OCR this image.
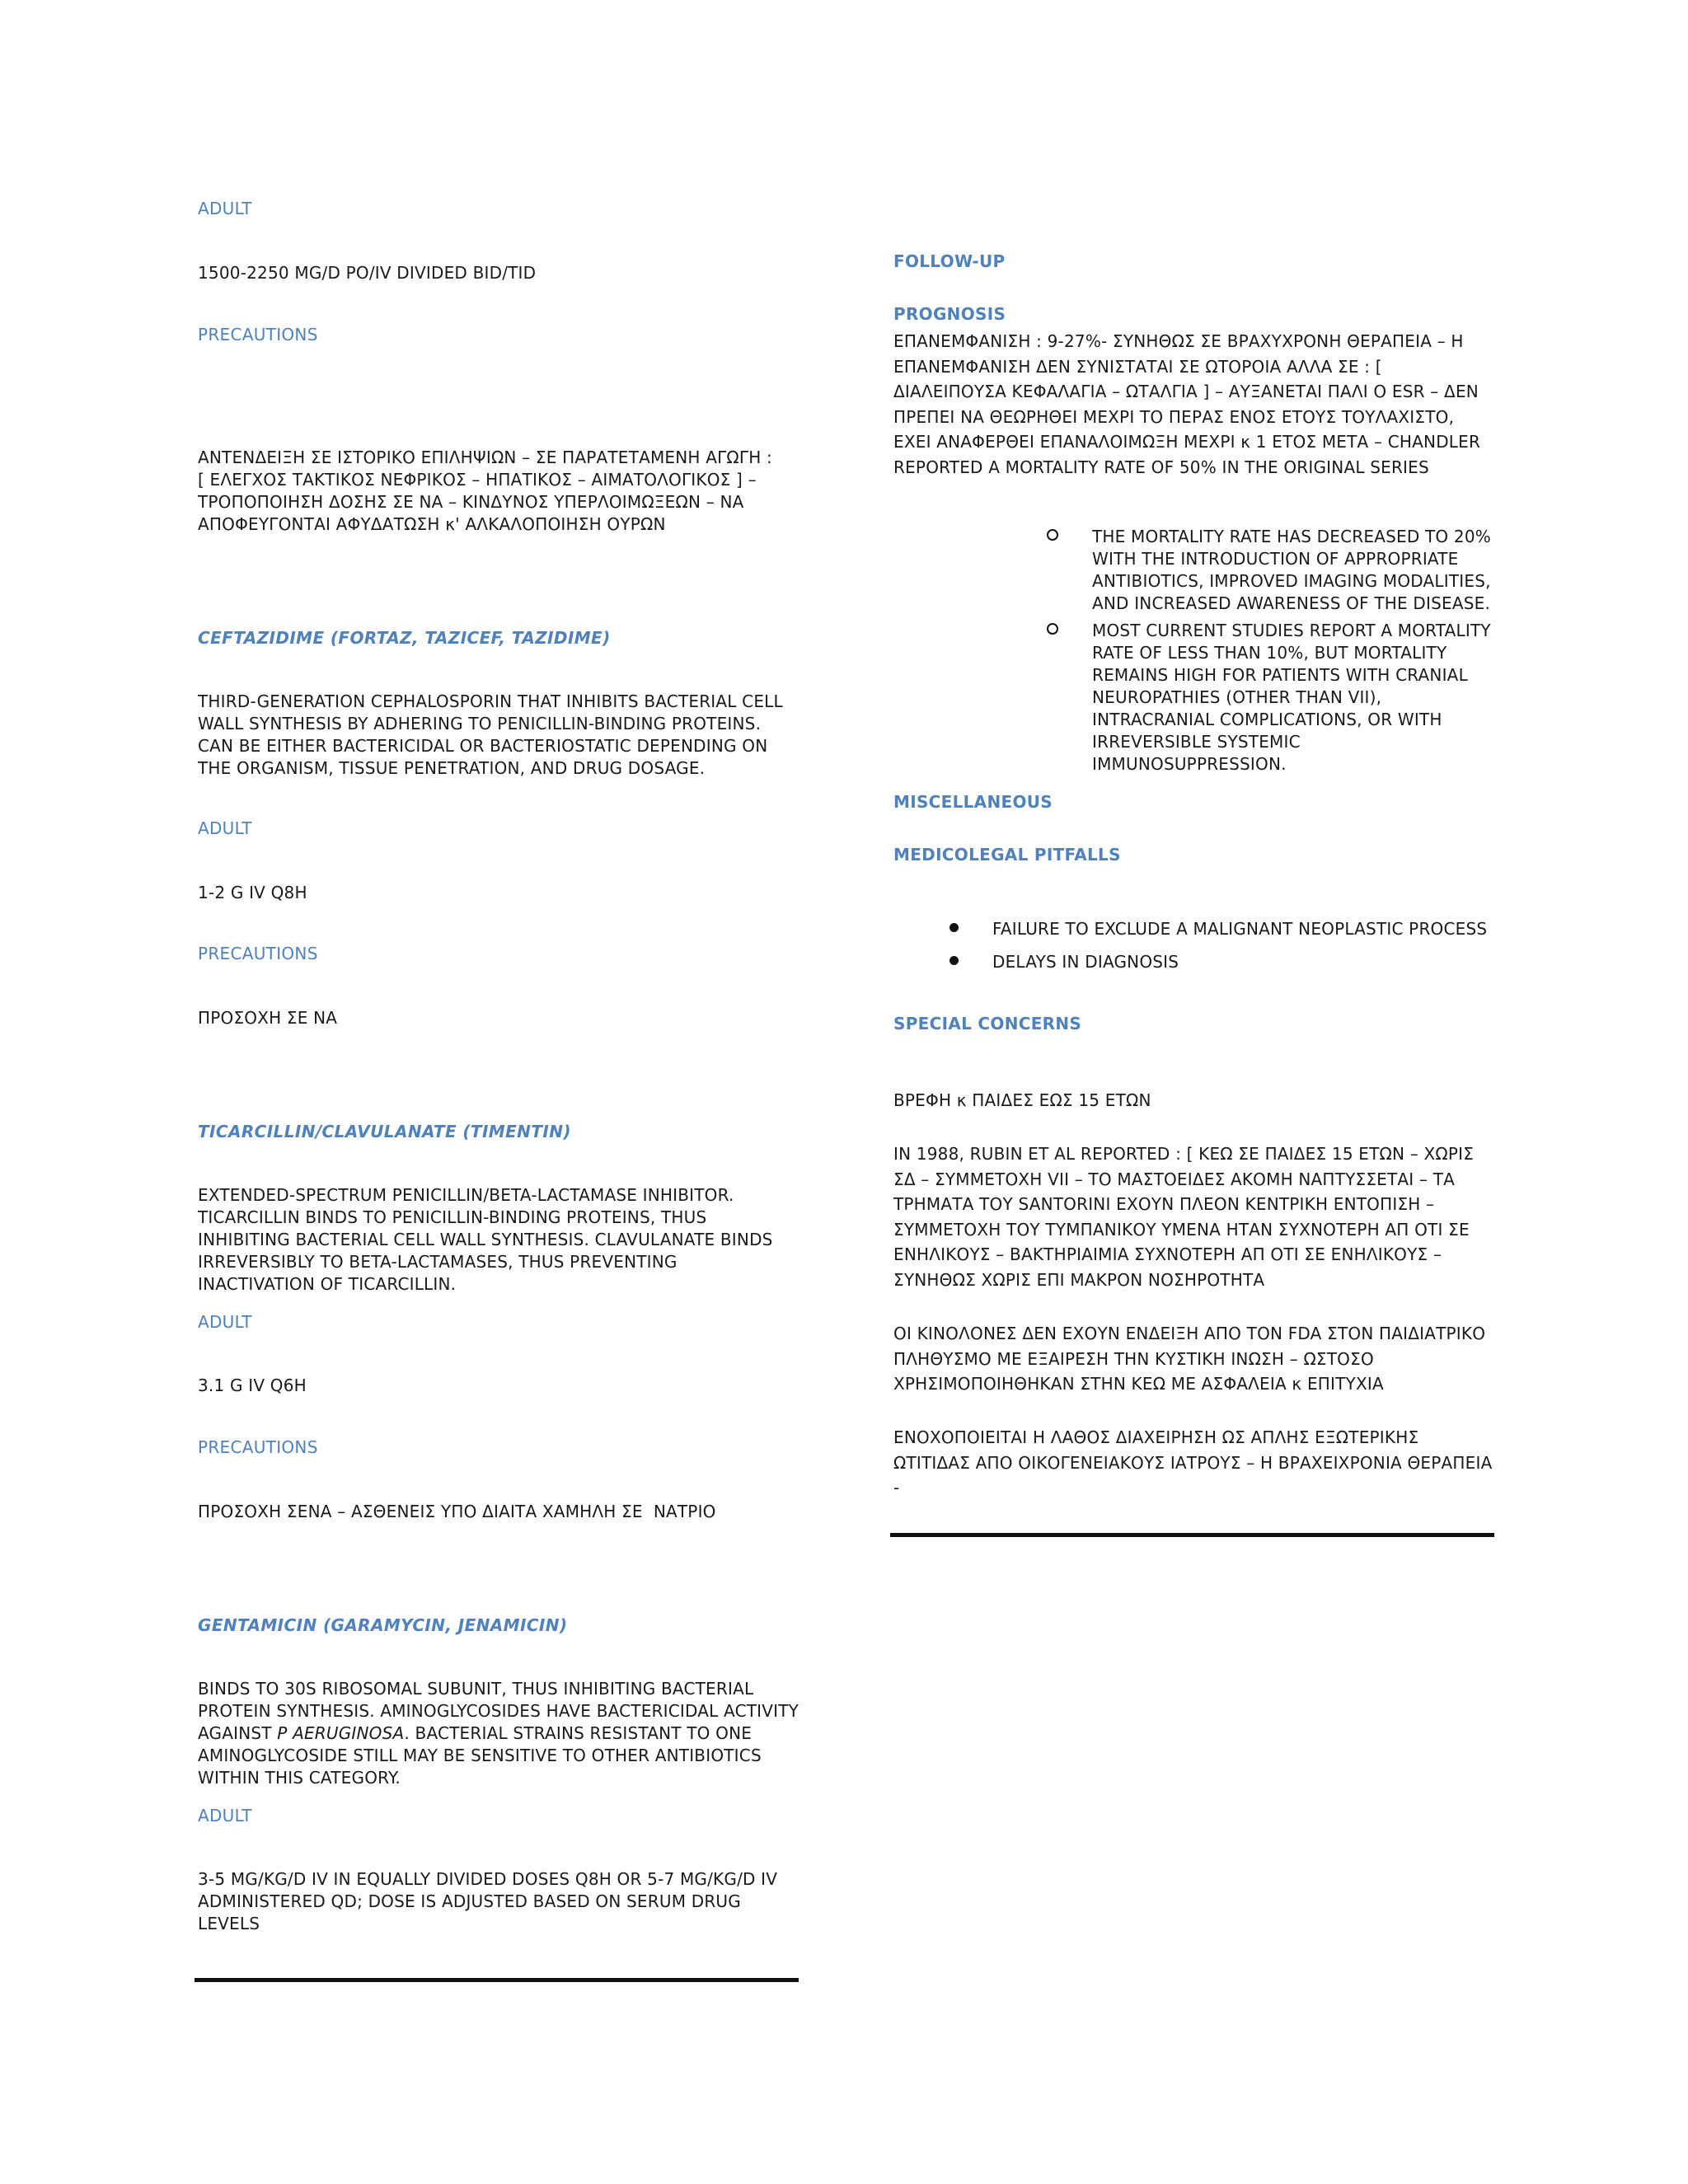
ADULT
1500-2250 MG/D PO/IV DIVIDED BID/TID
PRECAUTIONS

ΑΝΤΕΝΔΕΙΞΗ ΣΕ ΙΣΤΟΡΙΚΟ ΕΠΙΛΗΨΙΩΝ – ΣΕ ΠΑΡΑΤΕΤΑΜΕΝΗ ΑΓΩΓΗ : [ ΕΛΕΓΧΟΣ ΤΑΚΤΙΚΟΣ ΝΕΦΡΙΚΟΣ – ΗΠΑΤΙΚΟΣ – ΑΙΜΑΤΟΛΟΓΙΚΟΣ ] – ΤΡΟΠΟΠΟΙΗΣΗ ΔΟΣΗΣ ΣΕ ΝΑ – ΚΙΝΔΥΝΟΣ ΥΠΕΡΛΟΙΜΩΞΕΩΝ – ΝΑ ΑΠΟΦΕΥΓΟΝΤΑΙ ΑΦΥΔΑΤΩΣΗ κ' ΑΛΚΑΛΟΠΟΙΗΣΗ ΟΥΡΩΝ

CEFTAZIDIME (FORTAZ, TAZICEF, TAZIDIME)

THIRD-GENERATION CEPHALOSPORIN THAT INHIBITS BACTERIAL CELL WALL SYNTHESIS BY ADHERING TO PENICILLIN-BINDING PROTEINS. CAN BE EITHER BACTERICIDAL OR BACTERIOSTATIC DEPENDING ON THE ORGANISM, TISSUE PENETRATION, AND DRUG DOSAGE.

ADULT
1-2 G IV Q8H
PRECAUTIONS
ΠΡΟΣΟΧΗ ΣΕ ΝΑ
TICARCILLIN/CLAVULANATE (TIMENTIN)

EXTENDED-SPECTRUM PENICILLIN/BETA-LACTAMASE INHIBITOR. TICARCILLIN BINDS TO PENICILLIN-BINDING PROTEINS, THUS INHIBITING BACTERIAL CELL WALL SYNTHESIS. CLAVULANATE BINDS IRREVERSIBLY TO BETA-LACTAMASES, THUS PREVENTING INACTIVATION OF TICARCILLIN.

ADULT
3.1 G IV Q6H
PRECAUTIONS
ΠΡΟΣΟΧΗ ΣΕΝΑ – ΑΣΘΕΝΕΙΣ ΥΠΟ ΔΙΑΙΤΑ ΧΑΜΗΛΗ ΣΕ  ΝΑΤΡΙΟ
GENTAMICIN (GARAMYCIN, JENAMICIN)

BINDS TO 30S RIBOSOMAL SUBUNIT, THUS INHIBITING BACTERIAL PROTEIN SYNTHESIS. AMINOGLYCOSIDES HAVE BACTERICIDAL ACTIVITY AGAINST P AERUGINOSA. BACTERIAL STRAINS RESISTANT TO ONE AMINOGLYCOSIDE STILL MAY BE SENSITIVE TO OTHER ANTIBIOTICS WITHIN THIS CATEGORY.

ADULT

3-5 MG/KG/D IV IN EQUALLY DIVIDED DOSES Q8H OR 5-7 MG/KG/D IV ADMINISTERED QD; DOSE IS ADJUSTED BASED ON SERUM DRUG LEVELS

FOLLOW-UP
PROGNOSIS

ΕΠΑΝΕΜΦΑΝΙΣΗ : 9-27%- ΣΥΝΗΘΩΣ ΣΕ ΒΡΑΧΥΧΡΟΝΗ ΘΕΡΑΠΕΙΑ – Η ΕΠΑΝΕΜΦΑΝΙΣΗ ΔΕΝ ΣΥΝΙΣΤΑΤΑΙ ΣΕ ΩΤΟΡΟΙΑ ΑΛΛΑ ΣΕ : [ ΔΙΑΛΕΙΠΟΥΣΑ ΚΕΦΑΛΑΓΙΑ – ΩΤΑΛΓΙΑ ] – ΑΥΞΑΝΕΤΑΙ ΠΑΛΙ Ο ESR – ΔΕΝ ΠΡΕΠΕΙ ΝΑ ΘΕΩΡΗΘΕΙ ΜΕΧΡΙ ΤΟ ΠΕΡΑΣ ΕΝΟΣ ΕΤΟΥΣ ΤΟΥΛΑΧΙΣΤΟ, ΕΧΕΙ ΑΝΑΦΕΡΘΕΙ ΕΠΑΝΑΛΟΙΜΩΞΗ ΜΕΧΡΙ κ 1 ΕΤΟΣ ΜΕΤΑ – CHANDLER REPORTED A MORTALITY RATE OF 50% IN THE ORIGINAL SERIES

THE MORTALITY RATE HAS DECREASED TO 20% WITH THE INTRODUCTION OF APPROPRIATE ANTIBIOTICS, IMPROVED IMAGING MODALITIES, AND INCREASED AWARENESS OF THE DISEASE.
MOST CURRENT STUDIES REPORT A MORTALITY RATE OF LESS THAN 10%, BUT MORTALITY REMAINS HIGH FOR PATIENTS WITH CRANIAL NEUROPATHIES (OTHER THAN VII), INTRACRANIAL COMPLICATIONS, OR WITH IRREVERSIBLE SYSTEMIC IMMUNOSUPPRESSION.
MISCELLANEOUS
MEDICOLEGAL PITFALLS
FAILURE TO EXCLUDE A MALIGNANT NEOPLASTIC PROCESS
DELAYS IN DIAGNOSIS
SPECIAL CONCERNS
ΒΡΕΦΗ κ ΠΑΙΔΕΣ ΕΩΣ 15 ΕΤΩΝ

IN 1988, RUBIN ET AL REPORTED : [ ΚΕΩ ΣΕ ΠΑΙΔΕΣ 15 ΕΤΩΝ – ΧΩΡΙΣ ΣΔ – ΣΥΜΜΕΤΟΧΗ VII – ΤΟ ΜΑΣΤΟΕΙΔΕΣ ΑΚΟΜΗ ΝΑΠΤΥΣΣΕΤΑΙ – ΤΑ ΤΡΗΜΑΤΑ ΤΟΥ SANTORINI ΕΧΟΥΝ ΠΛΕΟΝ ΚΕΝΤΡΙΚΗ ΕΝΤΟΠΙΣΗ – ΣΥΜΜΕΤΟΧΗ ΤΟΥ ΤΥΜΠΑΝΙΚΟΥ ΥΜΕΝΑ ΗΤΑΝ ΣΥΧΝΟΤΕΡΗ ΑΠ ΟΤΙ ΣΕ ΕΝΗΛΙΚΟΥΣ – ΒΑΚΤΗΡΙΑΙΜΙΑ ΣΥΧΝΟΤΕΡΗ ΑΠ ΟΤΙ ΣΕ ΕΝΗΛΙΚΟΥΣ – ΣΥΝΗΘΩΣ ΧΩΡΙΣ ΕΠΙ ΜΑΚΡΟΝ ΝΟΣΗΡΟΤΗΤΑ

ΟΙ ΚΙΝΟΛΟΝΕΣ ΔΕΝ ΕΧΟΥΝ ΕΝΔΕΙΞΗ ΑΠΟ ΤΟΝ FDA ΣΤΟΝ ΠΑΙΔΙΑΤΡΙΚΟ ΠΛΗΘΥΣΜΟ ΜΕ ΕΞΑΙΡΕΣΗ ΤΗΝ ΚΥΣΤΙΚΗ ΙΝΩΣΗ – ΩΣΤΟΣΟ ΧΡΗΣΙΜΟΠΟΙΗΘΗΚΑΝ ΣΤΗΝ ΚΕΩ ΜΕ ΑΣΦΑΛΕΙΑ κ ΕΠΙΤΥΧΙΑ

ΕΝΟΧΟΠΟΙΕΙΤΑΙ Η ΛΑΘΟΣ ΔΙΑΧΕΙΡΗΣΗ ΩΣ ΑΠΛΗΣ ΕΞΩΤΕΡΙΚΗΣ ΩΤΙΤΙΔΑΣ ΑΠΟ ΟΙΚΟΓΕΝΕΙΑΚΟΥΣ ΙΑΤΡΟΥΣ – Η ΒΡΑΧΕΙΧΡΟΝΙΑ ΘΕΡΑΠΕΙΑ -
